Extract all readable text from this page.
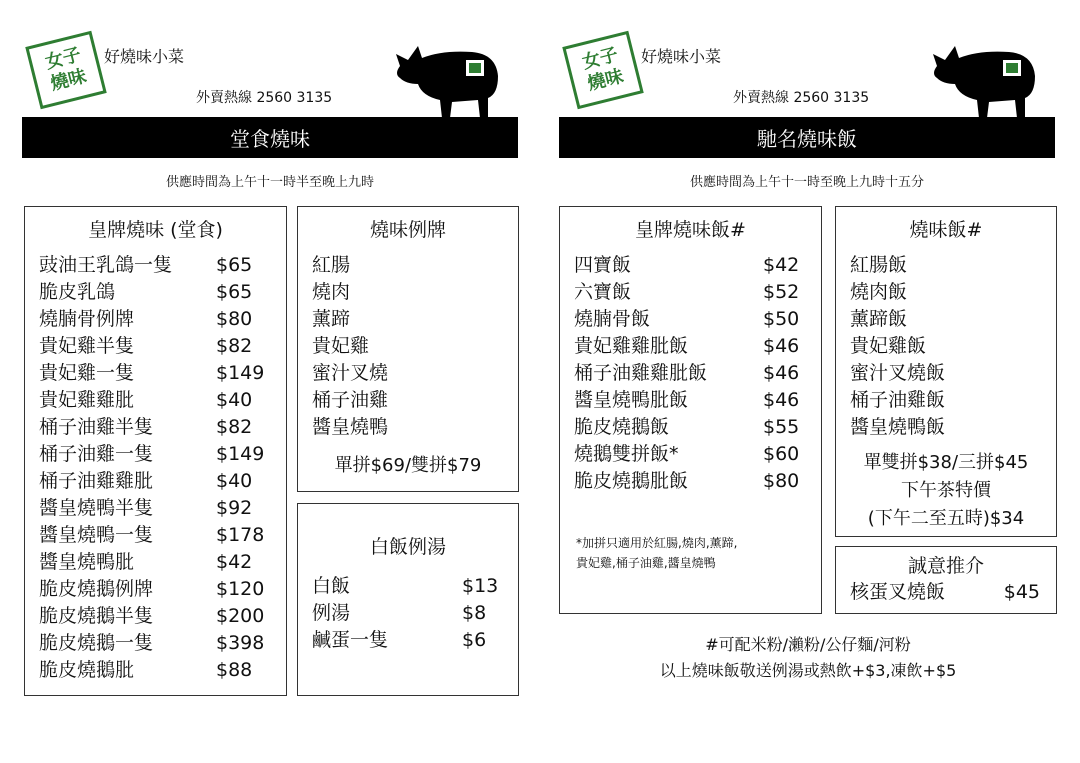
女子
燒味
好燒味小菜
外賣熱線 2560 3135
堂食燒味
供應時間為上午十一時半至晚上九時
皇牌燒味 (堂食)
豉油王乳鴿一隻 $65
脆皮乳鴿	$65
燒腩骨例牌	$80
貴妃雞半隻	$82
貴妃雞一隻	$149
貴妃雞雞肶	$40
桶子油雞半隻	$82
桶子油雞一隻	$149
桶子油雞雞肶	$40
醬皇燒鴨半隻	$92
醬皇燒鴨一隻	$178
醬皇燒鴨肶	$42
脆皮燒鵝例牌	$120
脆皮燒鵝半隻	$200
脆皮燒鵝一隻	$398
脆皮燒鵝肶	$88
燒味例牌
紅腸
燒肉
薰蹄
貴妃雞
蜜汁叉燒
桶子油雞
醬皇燒鴨
單拼$69/雙拼$79
白飯例湯
白飯	$13
例湯	$8
鹹蛋一隻	$6
女子
燒味
好燒味小菜
外賣熱線 2560 3135
馳名燒味飯
供應時間為上午十一時至晚上九時十五分
皇牌燒味飯#
四寶飯	$42
六寶飯	$52
燒腩骨飯	$50
貴妃雞雞肶飯	$46
桶子油雞雞肶飯	$46
醬皇燒鴨肶飯	$46
脆皮燒鵝飯	$55
燒鵝雙拼飯*	$60
脆皮燒鵝肶飯	$80
*加拼只適用於紅腸,燒肉,薰蹄,
貴妃雞,桶子油雞,醬皇燒鴨
燒味飯#
紅腸飯
燒肉飯
薰蹄飯
貴妃雞飯
蜜汁叉燒飯
桶子油雞飯
醬皇燒鴨飯
單雙拼$38/三拼$45
下午茶特價
(下午二至五時)$34
誠意推介
核蛋叉燒飯	$45
#可配米粉/瀨粉/公仔麵/河粉
以上燒味飯敬送例湯或熱飲+$3,凍飲+$5
